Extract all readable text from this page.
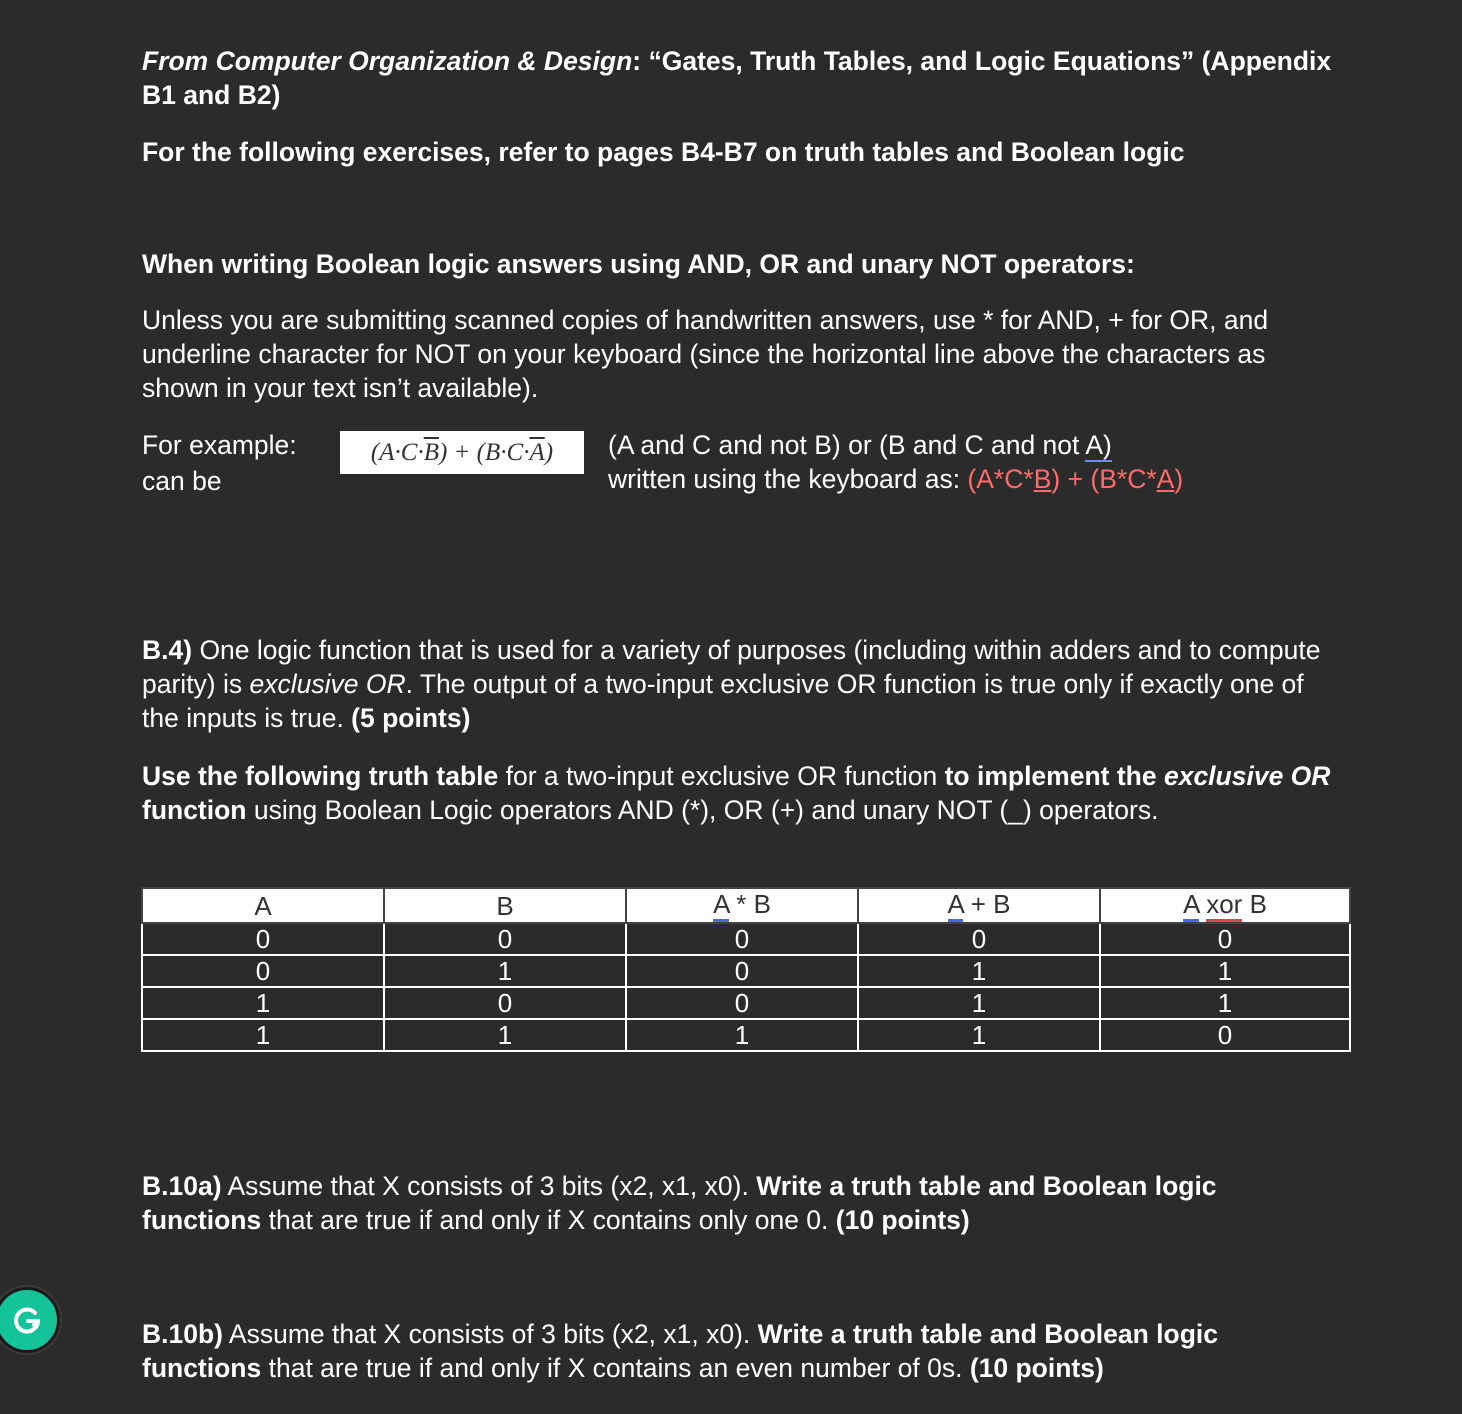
From Computer Organization & Design: “Gates, Truth Tables, and Logic Equations” (Appendix B1 and B2)

For the following exercises, refer to pages B4-B7 on truth tables and Boolean logic

When writing Boolean logic answers using AND, OR and unary NOT operators:

Unless you are submitting scanned copies of handwritten answers, use * for AND, + for OR, and underline character for NOT on your keyboard (since the horizontal line above the characters as shown in your text isn’t available).

For example:
can be
$(A\cdot C\cdot\overline{B}) + (B\cdot C\cdot\overline{A})$	(A and C and not B) or (B and C and not A)
written using the keyboard as: (A*C*B) + (B*C*A)

B.4) One logic function that is used for a variety of purposes (including within adders and to compute parity) is exclusive OR. The output of a two-input exclusive OR function is true only if exactly one of the inputs is true. (5 points)

Use the following truth table for a two-input exclusive OR function to implement the exclusive OR function using Boolean Logic operators AND (*), OR (+) and unary NOT (_) operators.

A	B	A * B	A + B	A xor B
0	0	0	0	0
0	1	0	1	1
1	0	0	1	1
1	1	1	1	0

B.10a) Assume that X consists of 3 bits (x2, x1, x0). Write a truth table and Boolean logic functions that are true if and only if X contains only one 0. (10 points)

B.10b) Assume that X consists of 3 bits (x2, x1, x0). Write a truth table and Boolean logic functions that are true if and only if X contains an even number of 0s. (10 points)
